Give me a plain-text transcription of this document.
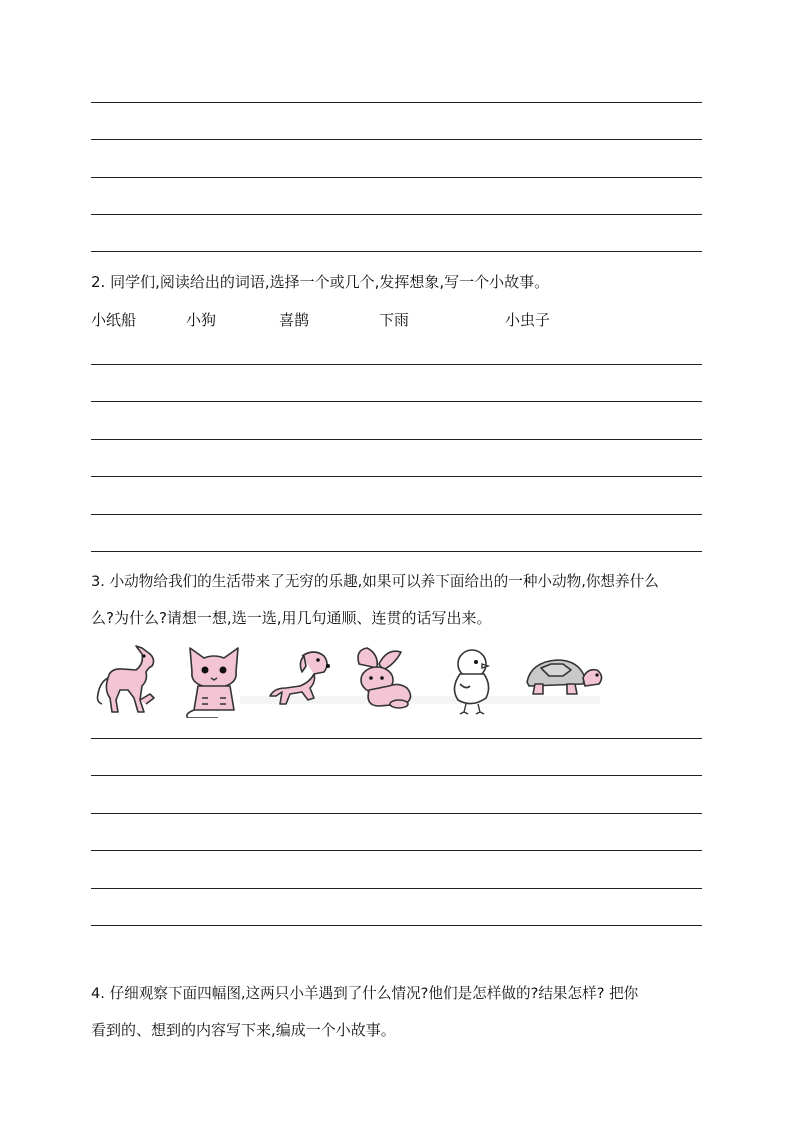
2. 同学们,阅读给出的词语,选择一个或几个,发挥想象,写一个小故事。
小纸船	小狗	喜鹊	下雨	小虫子
3. 小动物给我们的生活带来了无穷的乐趣,如果可以养下面给出的一种小动物,你想养什么
么?为什么?请想一想,选一选,用几句通顺、连贯的话写出来。
4. 仔细观察下面四幅图,这两只小羊遇到了什么情况?他们是怎样做的?结果怎样? 把你
看到的、想到的内容写下来,编成一个小故事。
